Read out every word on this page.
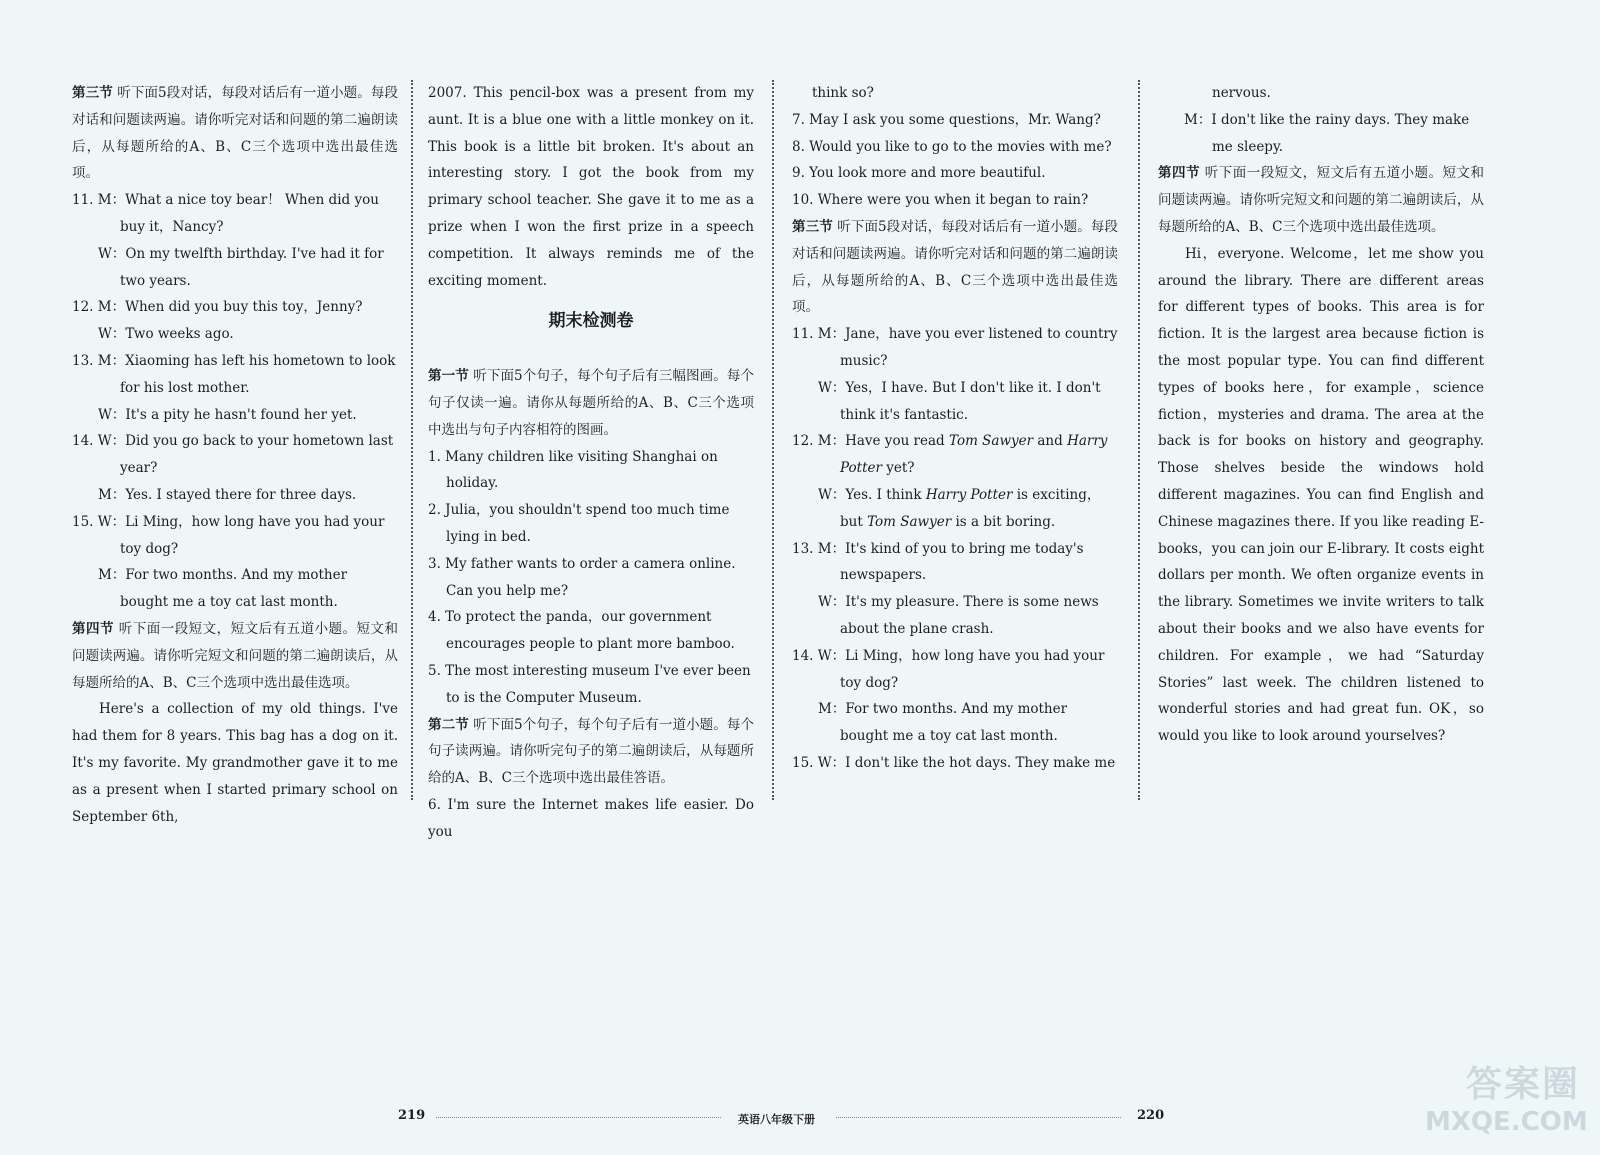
第三节 听下面5段对话，每段对话后有一道小题。每段对话和问题读两遍。请你听完对话和问题的第二遍朗读后，从每题所给的A、B、C三个选项中选出最佳选项。

11. M：What a nice toy bear！ When did you buy it，Nancy?

W：On my twelfth birthday. I've had it for two years.

12. M：When did you buy this toy，Jenny?

W：Two weeks ago.

13. M：Xiaoming has left his hometown to look for his lost mother.

W：It's a pity he hasn't found her yet.

14. W：Did you go back to your hometown last year?

M：Yes. I stayed there for three days.

15. W：Li Ming，how long have you had your toy dog?

M：For two months. And my mother bought me a toy cat last month.

第四节 听下面一段短文，短文后有五道小题。短文和问题读两遍。请你听完短文和问题的第二遍朗读后，从每题所给的A、B、C三个选项中选出最佳选项。

Here's a collection of my old things. I've had them for 8 years. This bag has a dog on it. It's my favorite. My grandmother gave it to me as a present when I started primary school on September 6th,

2007. This pencil-box was a present from my aunt. It is a blue one with a little monkey on it. This book is a little bit broken. It's about an interesting story. I got the book from my primary school teacher. She gave it to me as a prize when I won the first prize in a speech competition. It always reminds me of the exciting moment.

期末检测卷

第一节 听下面5个句子，每个句子后有三幅图画。每个句子仅读一遍。请你从每题所给的A、B、C三个选项中选出与句子内容相符的图画。

1. Many children like visiting Shanghai on holiday.

2. Julia，you shouldn't spend too much time lying in bed.

3. My father wants to order a camera online. Can you help me?

4. To protect the panda，our government encourages people to plant more bamboo.

5. The most interesting museum I've ever been to is the Computer Museum.

第二节 听下面5个句子，每个句子后有一道小题。每个句子读两遍。请你听完句子的第二遍朗读后，从每题所给的A、B、C三个选项中选出最佳答语。

6. I'm sure the Internet makes life easier. Do you

think so?

7. May I ask you some questions，Mr. Wang?

8. Would you like to go to the movies with me?

9. You look more and more beautiful.

10. Where were you when it began to rain?

第三节 听下面5段对话，每段对话后有一道小题。每段对话和问题读两遍。请你听完对话和问题的第二遍朗读后，从每题所给的A、B、C三个选项中选出最佳选项。

11. M：Jane，have you ever listened to country music?

W：Yes，I have. But I don't like it. I don't think it's fantastic.

12. M：Have you read Tom Sawyer and Harry Potter yet?

W：Yes. I think Harry Potter is exciting，but Tom Sawyer is a bit boring.

13. M：It's kind of you to bring me today's newspapers.

W：It's my pleasure. There is some news about the plane crash.

14. W：Li Ming，how long have you had your toy dog?

M：For two months. And my mother bought me a toy cat last month.

15. W：I don't like the hot days. They make me

nervous.

M：I don't like the rainy days. They make me sleepy.

第四节 听下面一段短文，短文后有五道小题。短文和问题读两遍。请你听完短文和问题的第二遍朗读后，从每题所给的A、B、C三个选项中选出最佳选项。

Hi，everyone. Welcome，let me show you around the library. There are different areas for different types of books. This area is for fiction. It is the largest area because fiction is the most popular type. You can find different types of books here，for example，science fiction，mysteries and drama. The area at the back is for books on history and geography. Those shelves beside the windows hold different magazines. You can find English and Chinese magazines there. If you like reading E-books，you can join our E-library. It costs eight dollars per month. We often organize events in the library. Sometimes we invite writers to talk about their books and we also have events for children. For example，we had “Saturday Stories” last week. The children listened to wonderful stories and had great fun. OK，so would you like to look around yourselves?

219	英语八年级下册	220
答案圈
MXQE.COM
